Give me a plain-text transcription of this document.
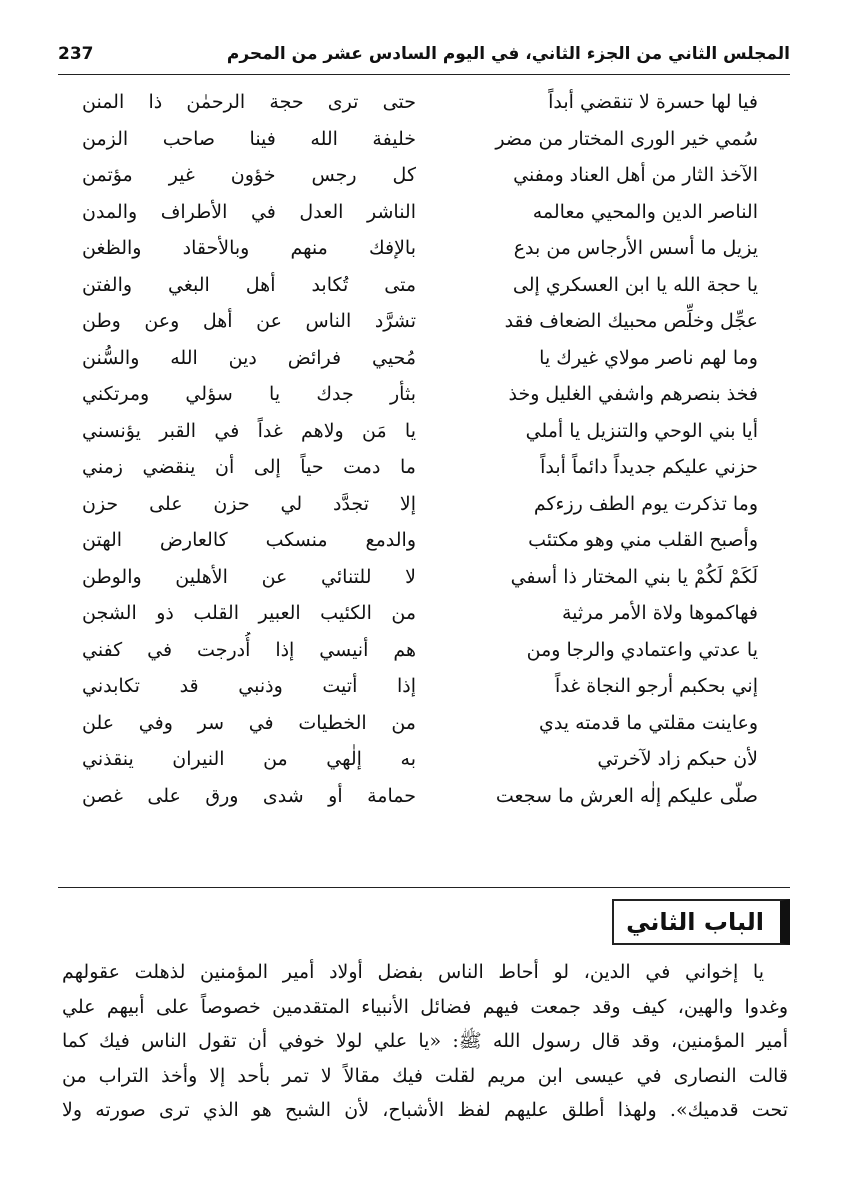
المجلس الثاني من الجزء الثاني، في اليوم السادس عشر من المحرم
237
فيا لها حسرة لا تنقضي أبداً
سُمي خير الورى المختار من مضر
الآخذ الثار من أهل العناد ومفني
الناصر الدين والمحيي معالمه
يزيل ما أسس الأرجاس من بدع
يا حجة الله يا ابن العسكري إلى
عجِّل وخلِّص محبيك الضعاف فقد
وما لهم ناصر مولاي غيرك يا
فخذ بنصرهم واشفي الغليل وخذ
أيا بني الوحي والتنزيل يا أملي
حزني عليكم جديداً دائماً أبداً
وما تذكرت يوم الطف رزءكم
وأصبح القلب مني وهو مكتئب
لَكَمْ لَكُمْ يا بني المختار ذا أسفي
فهاكموها ولاة الأمر مرثية
يا عدتي واعتمادي والرجا ومن
إني بحكبم أرجو النجاة غداً
وعاينت مقلتي ما قدمته يدي
لأن حبكم زاد لآخرتي
صلّى عليكم إلٰه العرش ما سجعت
حتى ترى حجة الرحمٰن ذا المنن
خليفة الله فينا صاحب الزمن
كل رجس خؤون غير مؤتمن
الناشر العدل في الأطراف والمدن
بالإفك منهم وبالأحقاد والظغن
متى تُكابد أهل البغي والفتن
تشرَّد الناس عن أهل وعن وطن
مُحيي فرائض دين الله والسُّنن
بثأر جدك يا سؤلي ومرتكني
يا مَن ولاهم غداً في القبر يؤنسني
ما دمت حياً إلى أن ينقضي زمني
إلا تجدَّد لي حزن على حزن
والدمع منسكب كالعارض الهتن
لا للتنائي عن الأهلين والوطن
من الكئيب العبير القلب ذو الشجن
هم أنيسي إذا أُدرجت في كفني
إذا أتيت وذنبي قد تكابدني
من الخطيات في سر وفي علن
به إلٰهي من النيران ينقذني
حمامة أو شدى ورق على غصن
الباب الثاني
يا إخواني في الدين، لو أحاط الناس بفضل أولاد أمير المؤمنين لذهلت عقولهم
وغدوا والهين، كيف وقد جمعت فيهم فضائل الأنبياء المتقدمين خصوصاً على أبيهم علي
أمير المؤمنين، وقد قال رسول الله ﷺ: «يا علي لولا خوفي أن تقول الناس فيك كما
قالت النصارى في عيسى ابن مريم لقلت فيك مقالاً لا تمر بأحد إلا وأخذ التراب من
تحت قدميك». ولهذا أطلق عليهم لفظ الأشباح، لأن الشبح هو الذي ترى صورته ولا
